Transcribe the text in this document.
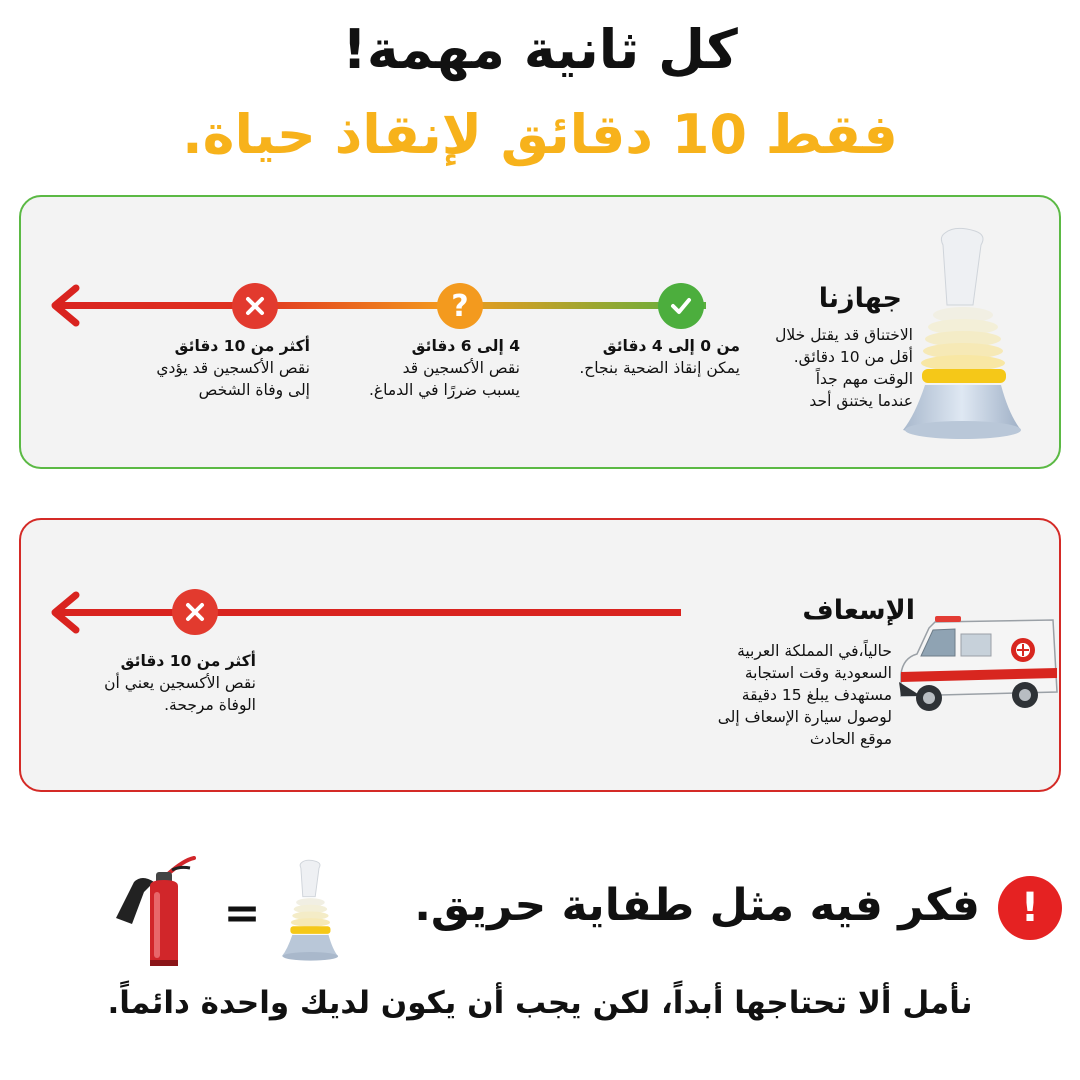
كل ثانية مهمة!
فقط 10 دقائق لإنقاذ حياة.
?
من 0 إلى 4 دقائق
يمكن إنقاذ الضحية بنجاح.
4 إلى 6 دقائق
نقص الأكسجين قد
يسبب ضررًا في الدماغ.
أكثر من 10 دقائق
نقص الأكسجين قد يؤدي
إلى وفاة الشخص
جهازنا
الاختناق قد يقتل خلال
أقل من 10 دقائق.
الوقت مهم جداً
عندما يختنق أحد
أكثر من 10 دقائق
نقص الأكسجين يعني أن
الوفاة مرجحة.
الإسعاف
حالياً،في المملكة العربية
السعودية وقت استجابة
مستهدف يبلغ 15 دقيقة
لوصول سيارة الإسعاف إلى
موقع الحادث
!
فكر فيه مثل طفاية حريق.
=
نأمل ألا تحتاجها أبداً، لكن يجب أن يكون لديك واحدة دائماً.
